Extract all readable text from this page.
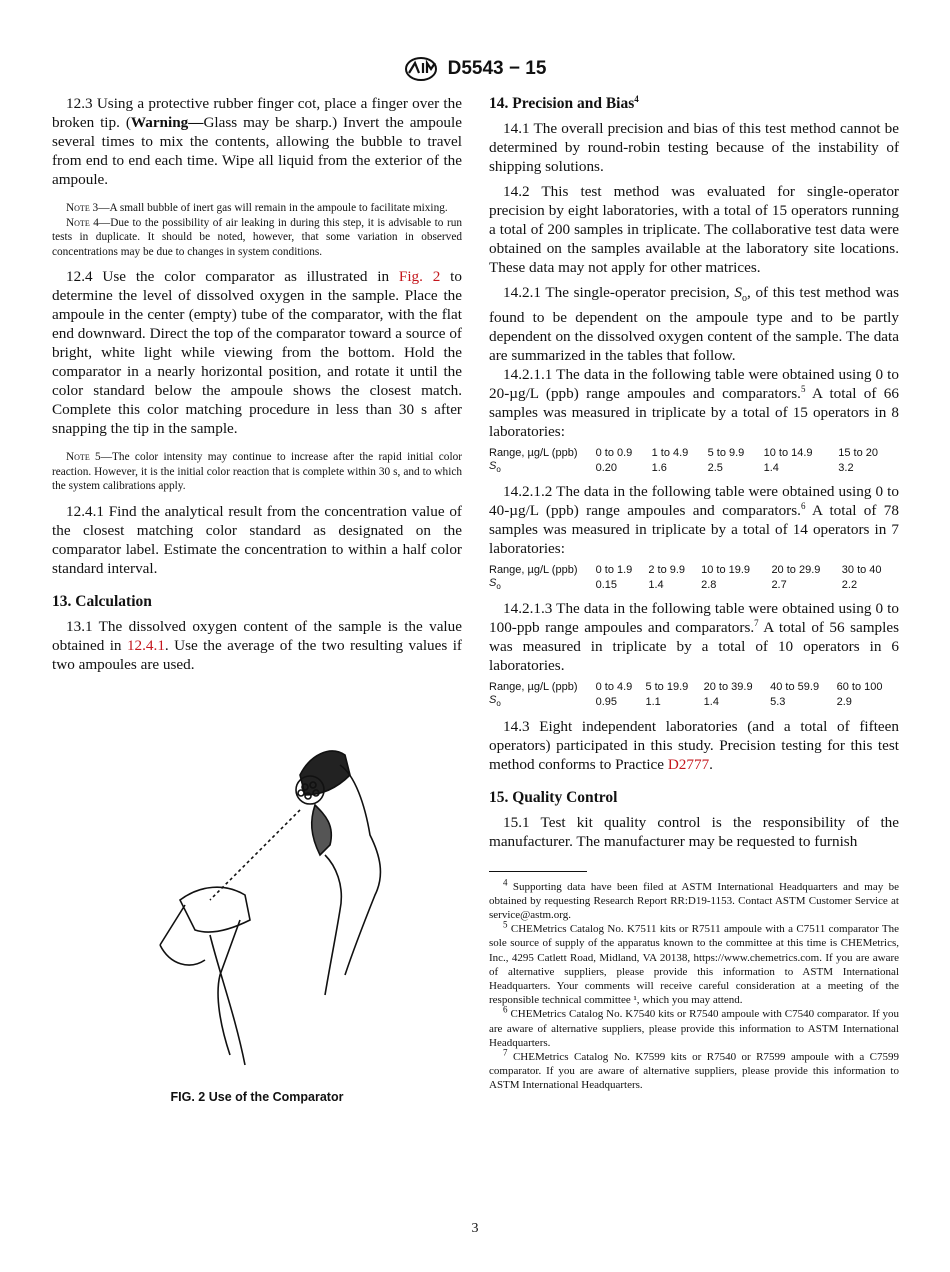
D5543 − 15

12.3 Using a protective rubber finger cot, place a finger over the broken tip. (Warning—Glass may be sharp.) Invert the ampoule several times to mix the contents, allowing the bubble to travel from end to end each time. Wipe all liquid from the exterior of the ampoule.

Note 3—A small bubble of inert gas will remain in the ampoule to facilitate mixing.

Note 4—Due to the possibility of air leaking in during this step, it is advisable to run tests in duplicate. It should be noted, however, that some variation in observed concentrations may be due to changes in system conditions.

12.4 Use the color comparator as illustrated in Fig. 2 to determine the level of dissolved oxygen in the sample. Place the ampoule in the center (empty) tube of the comparator, with the flat end downward. Direct the top of the comparator toward a source of bright, white light while viewing from the bottom. Hold the comparator in a nearly horizontal position, and rotate it until the color standard below the ampoule shows the closest match. Complete this color matching procedure in less than 30 s after snapping the tip in the sample.

Note 5—The color intensity may continue to increase after the rapid initial color reaction. However, it is the initial color reaction that is complete within 30 s, and to which the system calibrations apply.

12.4.1 Find the analytical result from the concentration value of the closest matching color standard as designated on the comparator label. Estimate the concentration to within a half color standard interval.

13. Calculation

13.1 The dissolved oxygen content of the sample is the value obtained in 12.4.1. Use the average of the two resulting values if two ampoules are used.

FIG. 2 Use of the Comparator
14. Precision and Bias$^4$

14.1 The overall precision and bias of this test method cannot be determined by round-robin testing because of the instability of shipping solutions.

14.2 This test method was evaluated for single-operator precision by eight laboratories, with a total of 15 operators running a total of 200 samples in triplicate. The collaborative test data were obtained on the samples available at the laboratory site locations. These data may not apply for other matrices.

14.2.1 The single-operator precision, $S_o$, of this test method was found to be dependent on the ampoule type and to be partly dependent on the dissolved oxygen content of the sample. The data are summarized in the tables that follow.

14.2.1.1 The data in the following table were obtained using 0 to 20-µg/L (ppb) range ampoules and comparators.$^5$ A total of 66 samples was measured in triplicate by a total of 15 operators in 8 laboratories:

Range, µg/L (ppb)	0 to 0.9	1 to 4.9	5 to 9.9	10 to 14.9	15 to 20
$S_o$	0.20	1.6	2.5	1.4	3.2

14.2.1.2 The data in the following table were obtained using 0 to 40-µg/L (ppb) range ampoules and comparators.$^6$ A total of 78 samples was measured in triplicate by a total of 14 operators in 7 laboratories:

Range, µg/L (ppb)	0 to 1.9	2 to 9.9	10 to 19.9	20 to 29.9	30 to 40
$S_o$	0.15	1.4	2.8	2.7	2.2

14.2.1.3 The data in the following table were obtained using 0 to 100-ppb range ampoules and comparators.$^7$ A total of 56 samples was measured in triplicate by a total of 10 operators in 6 laboratories.

Range, µg/L (ppb)	0 to 4.9	5 to 19.9	20 to 39.9	40 to 59.9	60 to 100
$S_o$	0.95	1.1	1.4	5.3	2.9

14.3 Eight independent laboratories (and a total of fifteen operators) participated in this study. Precision testing for this test method conforms to Practice D2777.

15. Quality Control

15.1 Test kit quality control is the responsibility of the manufacturer. The manufacturer may be requested to furnish

$^4$ Supporting data have been filed at ASTM International Headquarters and may be obtained by requesting Research Report RR:D19-1153. Contact ASTM Customer Service at service@astm.org.

$^5$ CHEMetrics Catalog No. K7511 kits or R7511 ampoule with a C7511 comparator The sole source of supply of the apparatus known to the committee at this time is CHEMetrics, Inc., 4295 Catlett Road, Midland, VA 20138, https://www.chemetrics.com. If you are aware of alternative suppliers, please provide this information to ASTM International Headquarters. Your comments will receive careful consideration at a meeting of the responsible technical committee ¹, which you may attend.

$^6$ CHEMetrics Catalog No. K7540 kits or R7540 ampoule with C7540 comparator. If you are aware of alternative suppliers, please provide this information to ASTM International Headquarters.

$^7$ CHEMetrics Catalog No. K7599 kits or R7540 or R7599 ampoule with a C7599 comparator. If you are aware of alternative suppliers, please provide this information to ASTM International Headquarters.

3
